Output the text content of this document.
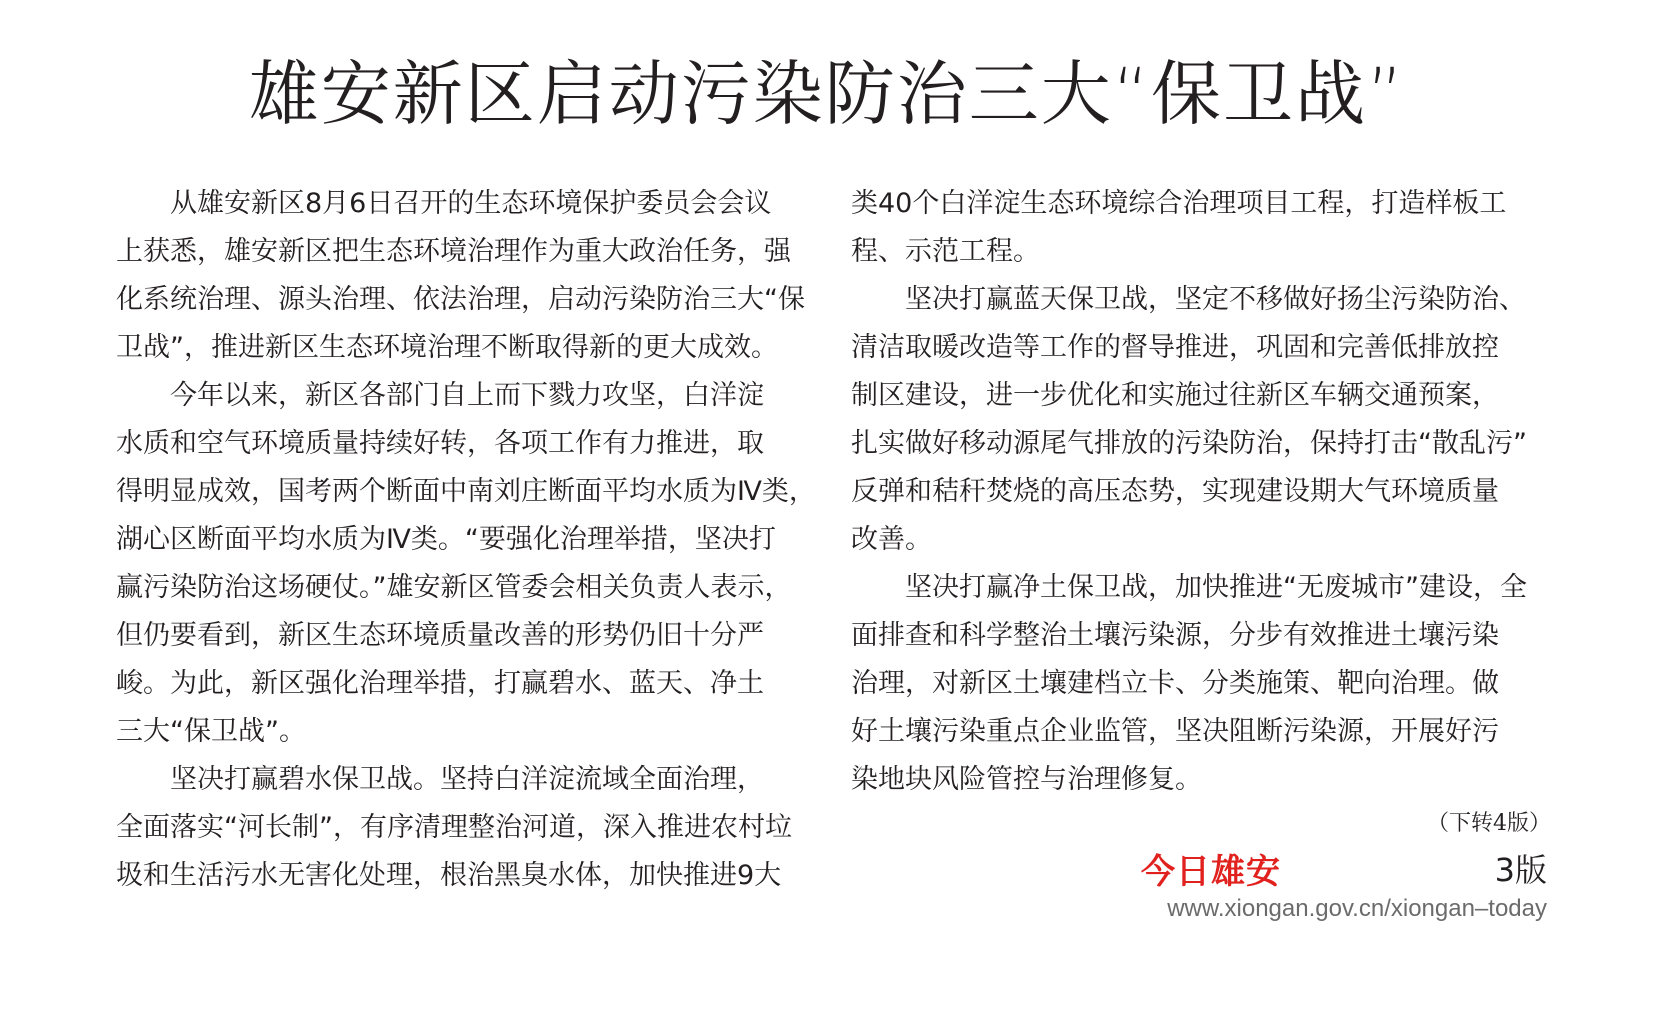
雄安新区启动污染防治三大“保卫战”
　　从雄安新区8月6日召开的生态环境保护委员会会议
上获悉，雄安新区把生态环境治理作为重大政治任务，强
化系统治理、源头治理、依法治理，启动污染防治三大“保
卫战”，推进新区生态环境治理不断取得新的更大成效。
　　今年以来，新区各部门自上而下戮力攻坚，白洋淀
水质和空气环境质量持续好转，各项工作有力推进，取
得明显成效，国考两个断面中南刘庄断面平均水质为Ⅳ类，
湖心区断面平均水质为Ⅳ类。“要强化治理举措，坚决打
赢污染防治这场硬仗。”雄安新区管委会相关负责人表示，
但仍要看到，新区生态环境质量改善的形势仍旧十分严
峻。为此，新区强化治理举措，打赢碧水、蓝天、净土
三大“保卫战”。
　　坚决打赢碧水保卫战。坚持白洋淀流域全面治理，
全面落实“河长制”，有序清理整治河道，深入推进农村垃
圾和生活污水无害化处理，根治黑臭水体，加快推进9大
类40个白洋淀生态环境综合治理项目工程，打造样板工
程、示范工程。
　　坚决打赢蓝天保卫战，坚定不移做好扬尘污染防治、
清洁取暖改造等工作的督导推进，巩固和完善低排放控
制区建设，进一步优化和实施过往新区车辆交通预案，
扎实做好移动源尾气排放的污染防治，保持打击“散乱污”
反弹和秸秆焚烧的高压态势，实现建设期大气环境质量
改善。
　　坚决打赢净土保卫战，加快推进“无废城市”建设，全
面排查和科学整治土壤污染源，分步有效推进土壤污染
治理，对新区土壤建档立卡、分类施策、靶向治理。做
好土壤污染重点企业监管，坚决阻断污染源，开展好污
染地块风险管控与治理修复。
（下转4版）
今日雄安	3版
www.xiongan.gov.cn/xiongan–today
